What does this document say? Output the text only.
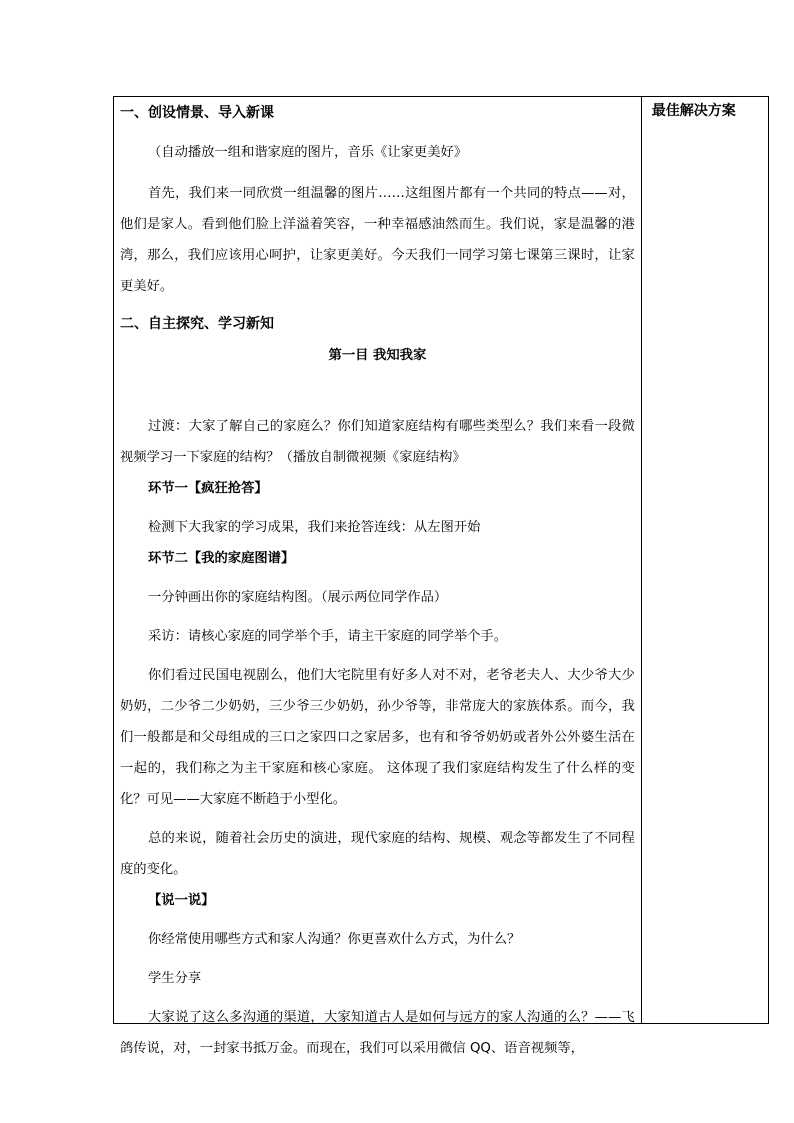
一、创设情景、导入新课

（自动播放一组和谐家庭的图片，音乐《让家更美好》

首先，我们来一同欣赏一组温馨的图片……这组图片都有一个共同的特点——对，他们是家人。看到他们脸上洋溢着笑容，一种幸福感油然而生。我们说，家是温馨的港湾，那么，我们应该用心呵护，让家更美好。今天我们一同学习第七课第三课时，让家更美好。

二、自主探究、学习新知
第一目 我知我家

过渡：大家了解自己的家庭么？你们知道家庭结构有哪些类型么？我们来看一段微视频学习一下家庭的结构？（播放自制微视频《家庭结构》

环节一【疯狂抢答】

检测下大我家的学习成果，我们来抢答连线：从左图开始

环节二【我的家庭图谱】

一分钟画出你的家庭结构图。（展示两位同学作品）

采访：请核心家庭的同学举个手，请主干家庭的同学举个手。

你们看过民国电视剧么，他们大宅院里有好多人对不对，老爷老夫人、大少爷大少奶奶，二少爷二少奶奶，三少爷三少奶奶，孙少爷等，非常庞大的家族体系。而今，我们一般都是和父母组成的三口之家四口之家居多，也有和爷爷奶奶或者外公外婆生活在一起的，我们称之为主干家庭和核心家庭。 这体现了我们家庭结构发生了什么样的变化？可见——大家庭不断趋于小型化。

总的来说，随着社会历史的演进，现代家庭的结构、规模、观念等都发生了不同程度的变化。

【说一说】

你经常使用哪些方式和家人沟通？你更喜欢什么方式，为什么？

学生分享

大家说了这么多沟通的渠道，大家知道古人是如何与远方的家人沟通的么？——飞鸽传说，对，一封家书抵万金。而现在，我们可以采用微信 QQ、语音视频等，

最佳解决方案
